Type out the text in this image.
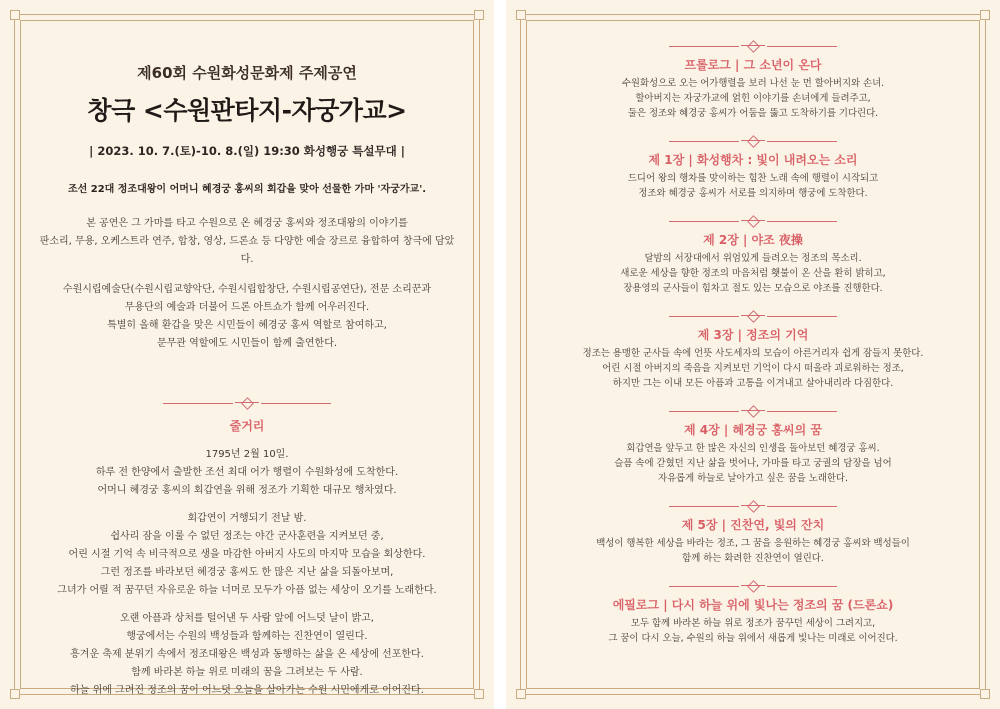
제60회 수원화성문화제 주제공연
창극 <수원판타지-자궁가교>
| 2023. 10. 7.(토)-10. 8.(일) 19:30 화성행궁 특설무대 |
조선 22대 정조대왕이 어머니 혜경궁 홍씨의 회갑을 맞아 선물한 가마 '자궁가교'.
본 공연은 그 가마를 타고 수원으로 온 혜경궁 홍씨와 정조대왕의 이야기를
판소리, 무용, 오케스트라 연주, 합창, 영상, 드론쇼 등 다양한 예술 장르로 융합하여 창극에 담았다.
수원시립예술단(수원시립교향악단, 수원시립합창단, 수원시립공연단), 전문 소리꾼과
무용단의 예술과 더불어 드론 아트쇼가 함께 어우러진다.
특별히 올해 환갑을 맞은 시민들이 혜경궁 홍씨 역할로 참여하고,
문무관 역할에도 시민들이 함께 출연한다.
줄거리
1795년 2월 10일.
하루 전 한양에서 출발한 조선 최대 어가 행렬이 수원화성에 도착한다.
어머니 혜경궁 홍씨의 회갑연을 위해 정조가 기획한 대규모 행차였다.
회갑연이 거행되기 전날 밤.
쉽사리 잠을 이룰 수 없던 정조는 야간 군사훈련을 지켜보던 중,
어린 시절 기억 속 비극적으로 생을 마감한 아버지 사도의 마지막 모습을 회상한다.
그런 정조를 바라보던 혜경궁 홍씨도 한 많은 지난 삶을 되돌아보며,
그녀가 어릴 적 꿈꾸던 자유로운 하늘 너머로 모두가 아픔 없는 세상이 오기를 노래한다.
오랜 아픔과 상처를 털어낸 두 사람 앞에 어느덧 날이 밝고,
행궁에서는 수원의 백성들과 함께하는 진찬연이 열린다.
흥겨운 축제 분위기 속에서 정조대왕은 백성과 동행하는 삶을 온 세상에 선포한다.
함께 바라본 하늘 위로 미래의 꿈을 그려보는 두 사람.
하늘 위에 그려진 정조의 꿈이 어느덧 오늘을 살아가는 수원 시민에게로 이어진다.
프롤로그 | 그 소년이 온다
수원화성으로 오는 어가행렬을 보러 나선 눈 먼 할아버지와 손녀.
할아버지는 자궁가교에 얽힌 이야기를 손녀에게 들려주고,
둘은 정조와 혜경궁 홍씨가 어둠을 뚫고 도착하기를 기다린다.
제 1장 | 화성행차 : 빛이 내려오는 소리
드디어 왕의 행차를 맞이하는 힘찬 노래 속에 행렬이 시작되고
정조와 혜경궁 홍씨가 서로를 의지하며 행궁에 도착한다.
제 2장 | 야조 夜操
달밤의 서장대에서 위엄있게 들려오는 정조의 목소리.
새로운 세상을 향한 정조의 마음처럼 횃불이 온 산을 환히 밝히고,
장용영의 군사들이 힘차고 절도 있는 모습으로 야조를 진행한다.
제 3장 | 정조의 기억
정조는 용맹한 군사들 속에 언뜻 사도세자의 모습이 아른거리자 쉽게 잠들지 못한다.
어린 시절 아버지의 죽음을 지켜보던 기억이 다시 떠올라 괴로워하는 정조,
하지만 그는 이내 모든 아픔과 고통을 이겨내고 살아내리라 다짐한다.
제 4장 | 혜경궁 홍씨의 꿈
회갑연을 앞두고 한 많은 자신의 인생을 돌아보던 혜경궁 홍씨.
슬픔 속에 갇혔던 지난 삶을 벗어나, 가마를 타고 궁궐의 담장을 넘어
자유롭게 하늘로 날아가고 싶은 꿈을 노래한다.
제 5장 | 진찬연, 빛의 잔치
백성이 행복한 세상을 바라는 정조, 그 꿈을 응원하는 혜경궁 홍씨와 백성들이
함께 하는 화려한 진찬연이 열린다.
에필로그 | 다시 하늘 위에 빛나는 정조의 꿈 (드론쇼)
모두 함께 바라본 하늘 위로 정조가 꿈꾸던 세상이 그려지고,
그 꿈이 다시 오늘, 수원의 하늘 위에서 새롭게 빛나는 미래로 이어진다.
